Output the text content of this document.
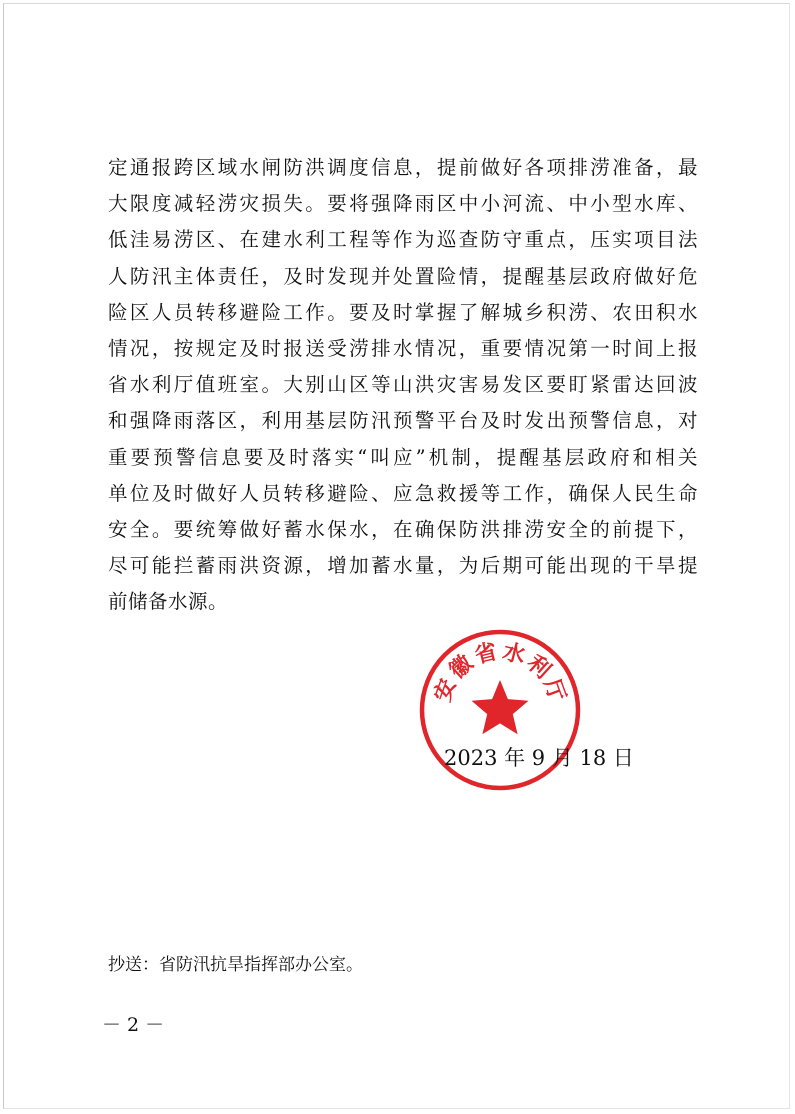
定通报跨区域水闸防洪调度信息，提前做好各项排涝准备，最
大限度减轻涝灾损失。要将强降雨区中小河流、中小型水库、
低洼易涝区、在建水利工程等作为巡查防守重点，压实项目法
人防汛主体责任，及时发现并处置险情，提醒基层政府做好危
险区人员转移避险工作。要及时掌握了解城乡积涝、农田积水
情况，按规定及时报送受涝排水情况，重要情况第一时间上报
省水利厅值班室。大别山区等山洪灾害易发区要盯紧雷达回波
和强降雨落区，利用基层防汛预警平台及时发出预警信息，对
重要预警信息要及时落实“叫应”机制，提醒基层政府和相关
单位及时做好人员转移避险、应急救援等工作，确保人民生命
安全。要统筹做好蓄水保水，在确保防洪排涝安全的前提下，
尽可能拦蓄雨洪资源，增加蓄水量，为后期可能出现的干旱提
前储备水源。
安
徽
省 水
利
厅
2023 年 9 月 18 日
抄送：省防汛抗旱指挥部办公室。
－ 2 －
